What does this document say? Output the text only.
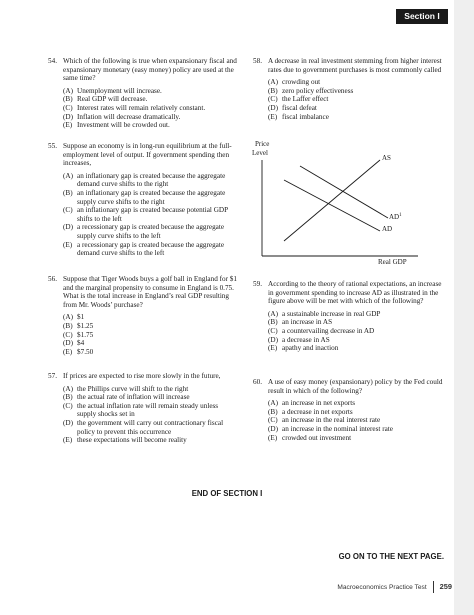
Section I
54. Which of the following is true when expansionary fiscal and expansionary monetary (easy money) policy are used at the same time?
(A) Unemployment will increase.
(B) Real GDP will decrease.
(C) Interest rates will remain relatively constant.
(D) Inflation will decrease dramatically.
(E) Investment will be crowded out.
55. Suppose an economy is in long-run equilibrium at the full-employment level of output. If government spending then increases,
(A) an inflationary gap is created because the aggregate demand curve shifts to the right
(B) an inflationary gap is created because the aggregate supply curve shifts to the right
(C) an inflationary gap is created because potential GDP shifts to the left
(D) a recessionary gap is created because the aggregate supply curve shifts to the left
(E) a recessionary gap is created because the aggregate demand curve shifts to the left
56. Suppose that Tiger Woods buys a golf ball in England for $1 and the marginal propensity to consume in England is 0.75. What is the total increase in England’s real GDP resulting from Mr. Woods’ purchase?
(A) $1
(B) $1.25
(C) $1.75
(D) $4
(E) $7.50
57. If prices are expected to rise more slowly in the future,
(A) the Phillips curve will shift to the right
(B) the actual rate of inflation will increase
(C) the actual inflation rate will remain steady unless supply shocks set in
(D) the government will carry out contractionary fiscal policy to prevent this occurrence
(E) these expectations will become reality
58. A decrease in real investment stemming from higher interest rates due to government purchases is most commonly called
(A) crowding out
(B) zero policy effectiveness
(C) the Laffer effect
(D) fiscal defeat
(E) fiscal imbalance
Price
Level
Real GDP
AS
$AD^1$
AD
59. According to the theory of rational expectations, an increase in government spending to increase AD as illustrated in the figure above will be met with which of the following?
(A) a sustainable increase in real GDP
(B) an increase in AS
(C) a countervailing decrease in AD
(D) a decrease in AS
(E) apathy and inaction
60. A use of easy money (expansionary) policy by the Fed could result in which of the following?
(A) an increase in net exports
(B) a decrease in net exports
(C) an increase in the real interest rate
(D) an increase in the nominal interest rate
(E) crowded out investment
END OF SECTION I
GO ON TO THE NEXT PAGE.
Macroeconomics Practice Test 259
